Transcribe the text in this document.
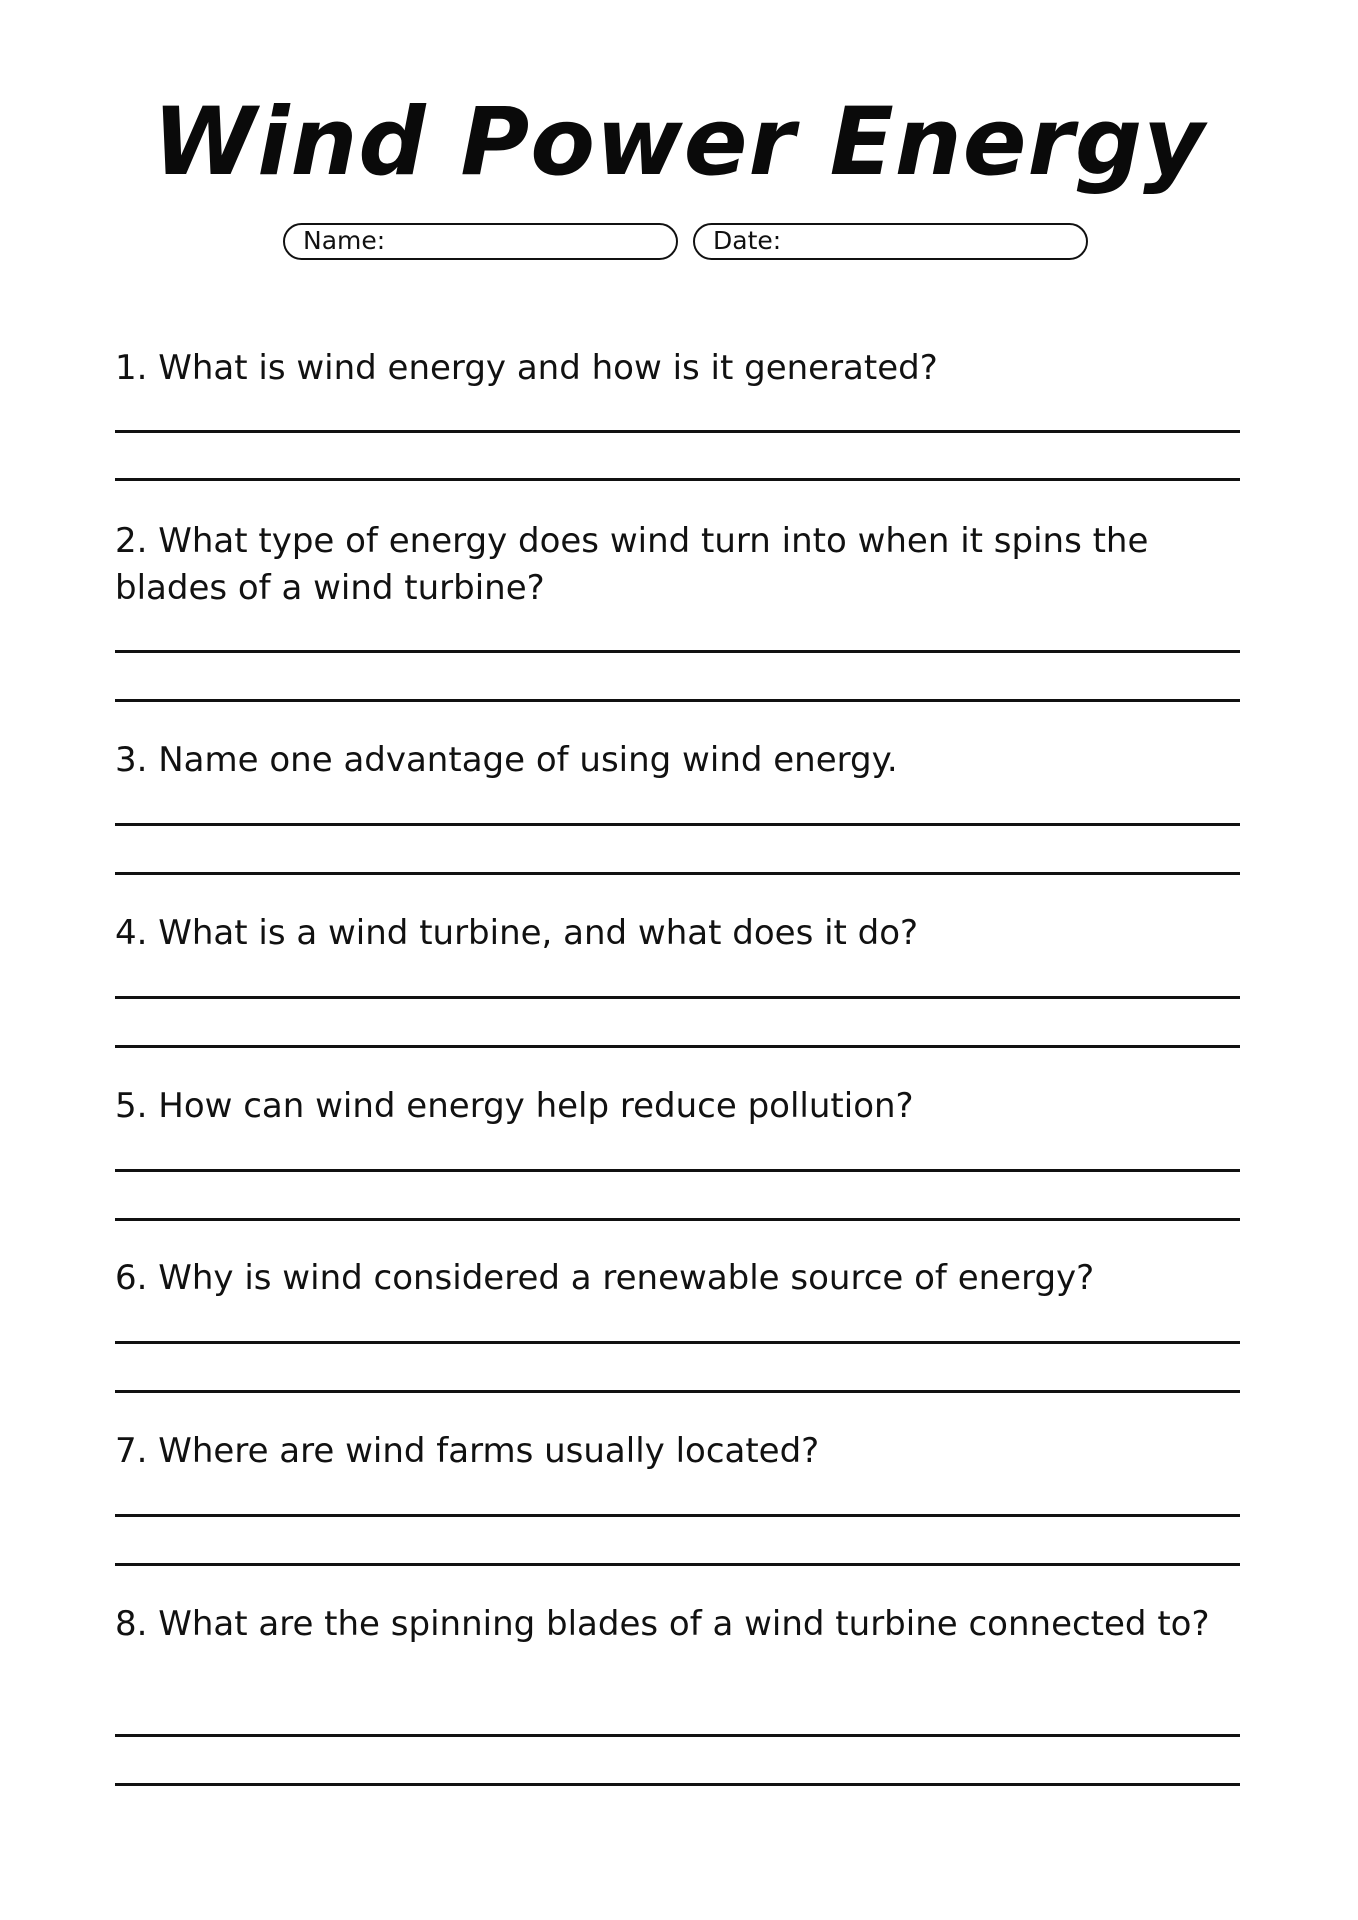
Wind Power Energy
Name:	Date:
1. What is wind energy and how is it generated?
2. What type of energy does wind turn into when it spins the blades of a wind turbine?
3. Name one advantage of using wind energy.
4. What is a wind turbine, and what does it do?
5. How can wind energy help reduce pollution?
6. Why is wind considered a renewable source of energy?
7. Where are wind farms usually located?
8. What are the spinning blades of a wind turbine connected to?
